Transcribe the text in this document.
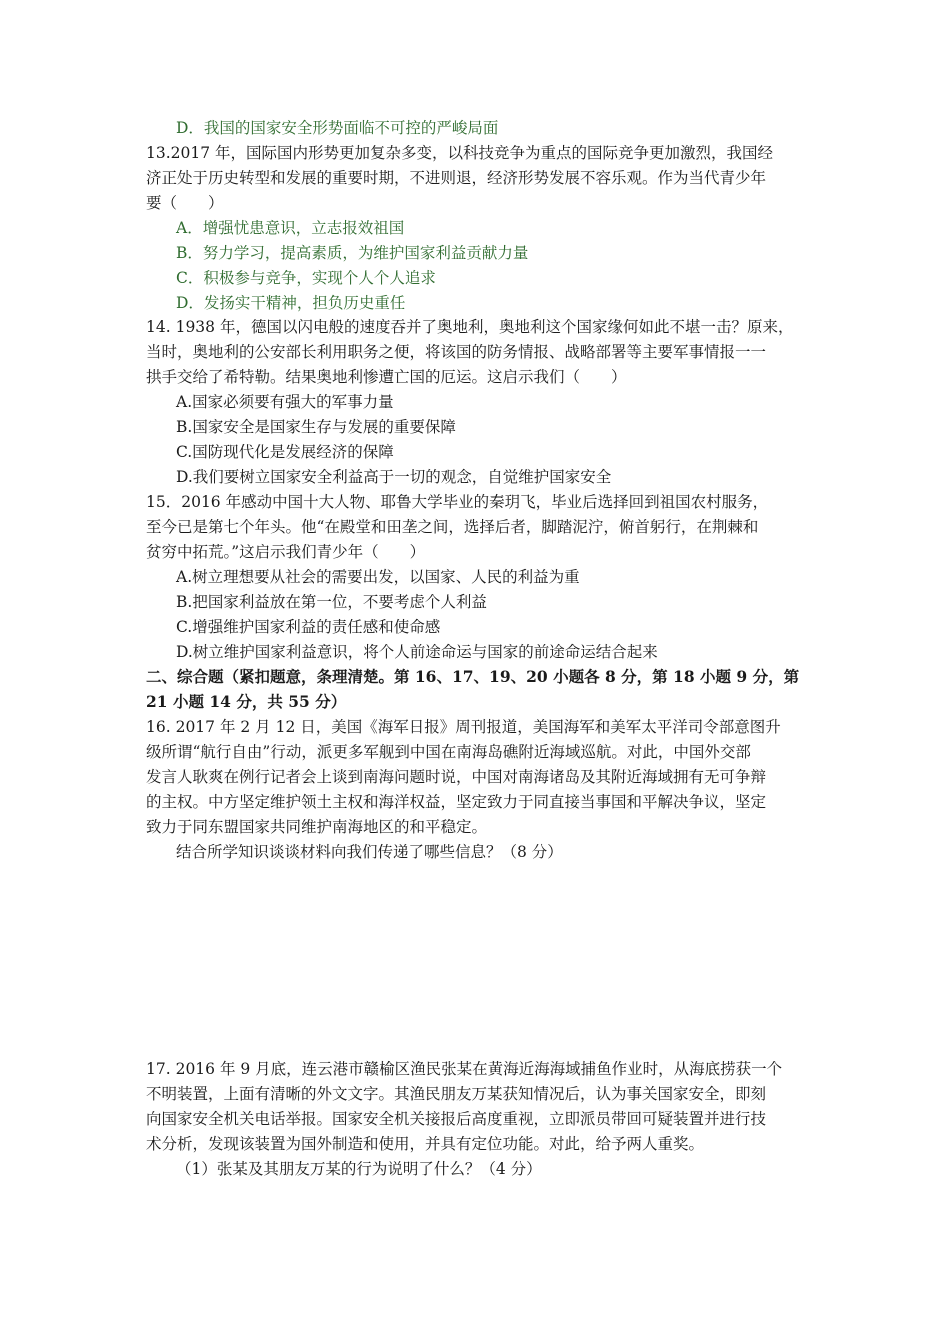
D．我国的国家安全形势面临不可控的严峻局面
13.2017 年，国际国内形势更加复杂多变，以科技竞争为重点的国际竞争更加激烈，我国经
济正处于历史转型和发展的重要时期，不进则退，经济形势发展不容乐观。作为当代青少年
要（　　）
A．增强忧患意识，立志报效祖国
B．努力学习，提高素质，为维护国家利益贡献力量
C．积极参与竞争，实现个人个人追求
D．发扬实干精神，担负历史重任
14. 1938 年，德国以闪电般的速度吞并了奥地利，奥地利这个国家缘何如此不堪一击？原来，
当时，奥地利的公安部长利用职务之便，将该国的防务情报、战略部署等主要军事情报一一
拱手交给了希特勒。结果奥地利惨遭亡国的厄运。这启示我们（　　）
A.国家必须要有强大的军事力量
B.国家安全是国家生存与发展的重要保障
C.国防现代化是发展经济的保障
D.我们要树立国家安全利益高于一切的观念，自觉维护国家安全
15．2016 年感动中国十大人物、耶鲁大学毕业的秦玥飞，毕业后选择回到祖国农村服务，
至今已是第七个年头。他“在殿堂和田垄之间，选择后者，脚踏泥泞，俯首躬行，在荆棘和
贫穷中拓荒。”这启示我们青少年（　　）
A.树立理想要从社会的需要出发，以国家、人民的利益为重
B.把国家利益放在第一位，不要考虑个人利益
C.增强维护国家利益的责任感和使命感
D.树立维护国家利益意识，将个人前途命运与国家的前途命运结合起来
二、综合题（紧扣题意，条理清楚。第 16、17、19、20 小题各 8 分，第 18 小题 9 分，第
21 小题 14 分，共 55 分）
16. 2017 年 2 月 12 日，美国《海军日报》周刊报道，美国海军和美军太平洋司令部意图升
级所谓“航行自由”行动，派更多军舰到中国在南海岛礁附近海域巡航。对此，中国外交部
发言人耿爽在例行记者会上谈到南海问题时说，中国对南海诸岛及其附近海域拥有无可争辩
的主权。中方坚定维护领土主权和海洋权益，坚定致力于同直接当事国和平解决争议，坚定
致力于同东盟国家共同维护南海地区的和平稳定。
结合所学知识谈谈材料向我们传递了哪些信息？（8 分）
17. 2016 年 9 月底，连云港市赣榆区渔民张某在黄海近海海域捕鱼作业时，从海底捞获一个
不明装置，上面有清晰的外文文字。其渔民朋友万某获知情况后，认为事关国家安全，即刻
向国家安全机关电话举报。国家安全机关接报后高度重视，立即派员带回可疑装置并进行技
术分析，发现该装置为国外制造和使用，并具有定位功能。对此，给予两人重奖。
（1）张某及其朋友万某的行为说明了什么？（4 分）
